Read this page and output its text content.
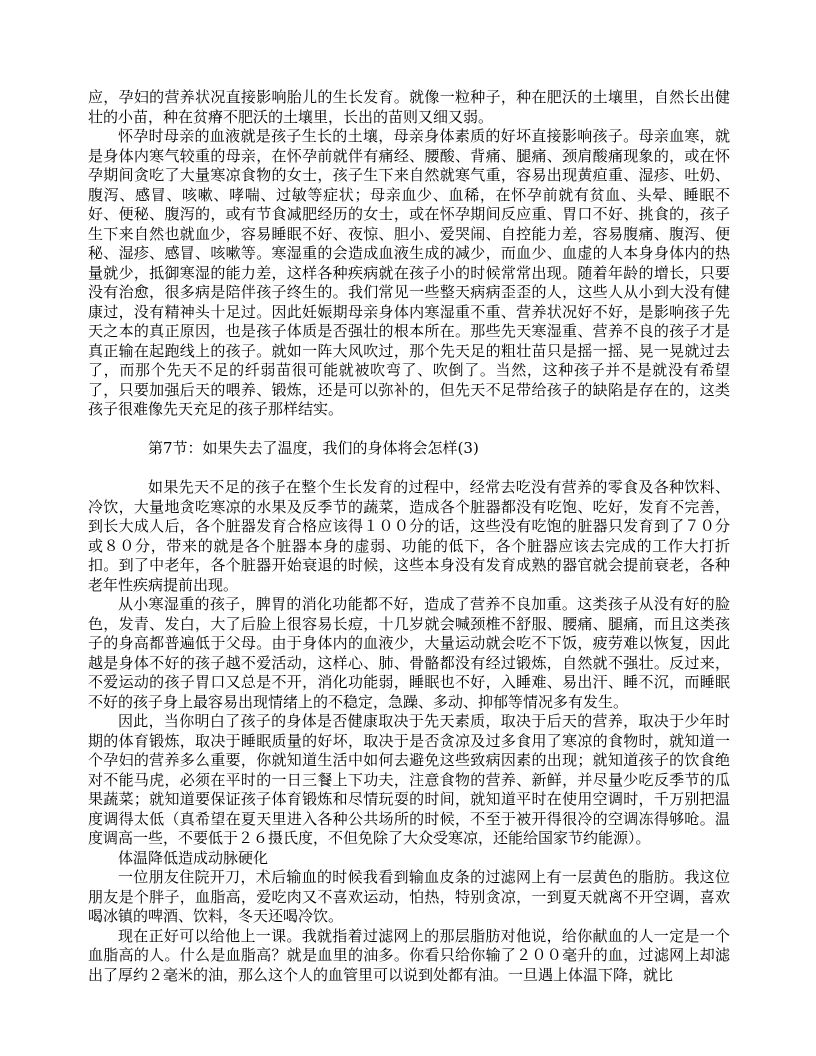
应，孕妇的营养状况直接影响胎儿的生长发育。就像一粒种子，种在肥沃的土壤里，自然长出健壮的小苗，种在贫瘠不肥沃的土壤里，长出的苗则又细又弱。

怀孕时母亲的血液就是孩子生长的土壤，母亲身体素质的好坏直接影响孩子。母亲血寒，就是身体内寒气较重的母亲，在怀孕前就伴有痛经、腰酸、背痛、腿痛、颈肩酸痛现象的，或在怀孕期间贪吃了大量寒凉食物的女士，孩子生下来自然就寒气重，容易出现黄疸重、湿疹、吐奶、腹泻、感冒、咳嗽、哮喘、过敏等症状；母亲血少、血稀，在怀孕前就有贫血、头晕、睡眠不好、便秘、腹泻的，或有节食减肥经历的女士，或在怀孕期间反应重、胃口不好、挑食的，孩子生下来自然也就血少，容易睡眠不好、夜惊、胆小、爱哭闹、自控能力差，容易腹痛、腹泻、便秘、湿疹、感冒、咳嗽等。寒湿重的会造成血液生成的减少，而血少、血虚的人本身身体内的热量就少，抵御寒湿的能力差，这样各种疾病就在孩子小的时候常常出现。随着年龄的增长，只要没有治愈，很多病是陪伴孩子终生的。我们常见一些整天病病歪歪的人，这些人从小到大没有健康过，没有精神头十足过。因此妊娠期母亲身体内寒湿重不重、营养状况好不好，是影响孩子先天之本的真正原因，也是孩子体质是否强壮的根本所在。那些先天寒湿重、营养不良的孩子才是真正输在起跑线上的孩子。就如一阵大风吹过，那个先天足的粗壮苗只是摇一摇、晃一晃就过去了，而那个先天不足的纤弱苗很可能就被吹弯了、吹倒了。当然，这种孩子并不是就没有希望了，只要加强后天的喂养、锻炼，还是可以弥补的，但先天不足带给孩子的缺陷是存在的，这类孩子很难像先天充足的孩子那样结实。

第7节：如果失去了温度，我们的身体将会怎样(3)

如果先天不足的孩子在整个生长发育的过程中，经常去吃没有营养的零食及各种饮料、冷饮，大量地贪吃寒凉的水果及反季节的蔬菜，造成各个脏器都没有吃饱、吃好，发育不完善，到长大成人后，各个脏器发育合格应该得１００分的话，这些没有吃饱的脏器只发育到了７０分或８０分，带来的就是各个脏器本身的虚弱、功能的低下，各个脏器应该去完成的工作大打折扣。到了中老年，各个脏器开始衰退的时候，这些本身没有发育成熟的器官就会提前衰老，各种老年性疾病提前出现。

从小寒湿重的孩子，脾胃的消化功能都不好，造成了营养不良加重。这类孩子从没有好的脸色，发青、发白，大了后脸上很容易长痘，十几岁就会喊颈椎不舒服、腰痛、腿痛，而且这类孩子的身高都普遍低于父母。由于身体内的血液少，大量运动就会吃不下饭，疲劳难以恢复，因此越是身体不好的孩子越不爱活动，这样心、肺、骨骼都没有经过锻炼，自然就不强壮。反过来，不爱运动的孩子胃口又总是不开，消化功能弱，睡眠也不好，入睡难、易出汗、睡不沉，而睡眠不好的孩子身上最容易出现情绪上的不稳定，急躁、多动、抑郁等情况多有发生。

因此，当你明白了孩子的身体是否健康取决于先天素质，取决于后天的营养，取决于少年时期的体育锻炼，取决于睡眠质量的好坏，取决于是否贪凉及过多食用了寒凉的食物时，就知道一个孕妇的营养多么重要，你就知道生活中如何去避免这些致病因素的出现；就知道孩子的饮食绝对不能马虎，必须在平时的一日三餐上下功夫，注意食物的营养、新鲜，并尽量少吃反季节的瓜果蔬菜；就知道要保证孩子体育锻炼和尽情玩耍的时间，就知道平时在使用空调时，千万别把温度调得太低（真希望在夏天里进入各种公共场所的时候，不至于被开得很冷的空调冻得够呛。温度调高一些，不要低于２６摄氏度，不但免除了大众受寒凉，还能给国家节约能源）。

体温降低造成动脉硬化

一位朋友住院开刀，术后输血的时候我看到输血皮条的过滤网上有一层黄色的脂肪。我这位朋友是个胖子，血脂高，爱吃肉又不喜欢运动，怕热，特别贪凉，一到夏天就离不开空调，喜欢喝冰镇的啤酒、饮料，冬天还喝冷饮。

现在正好可以给他上一课。我就指着过滤网上的那层脂肪对他说，给你献血的人一定是一个血脂高的人。什么是血脂高？就是血里的油多。你看只给你输了２００毫升的血，过滤网上却滤出了厚约２毫米的油，那么这个人的血管里可以说到处都有油。一旦遇上体温下降，就比
